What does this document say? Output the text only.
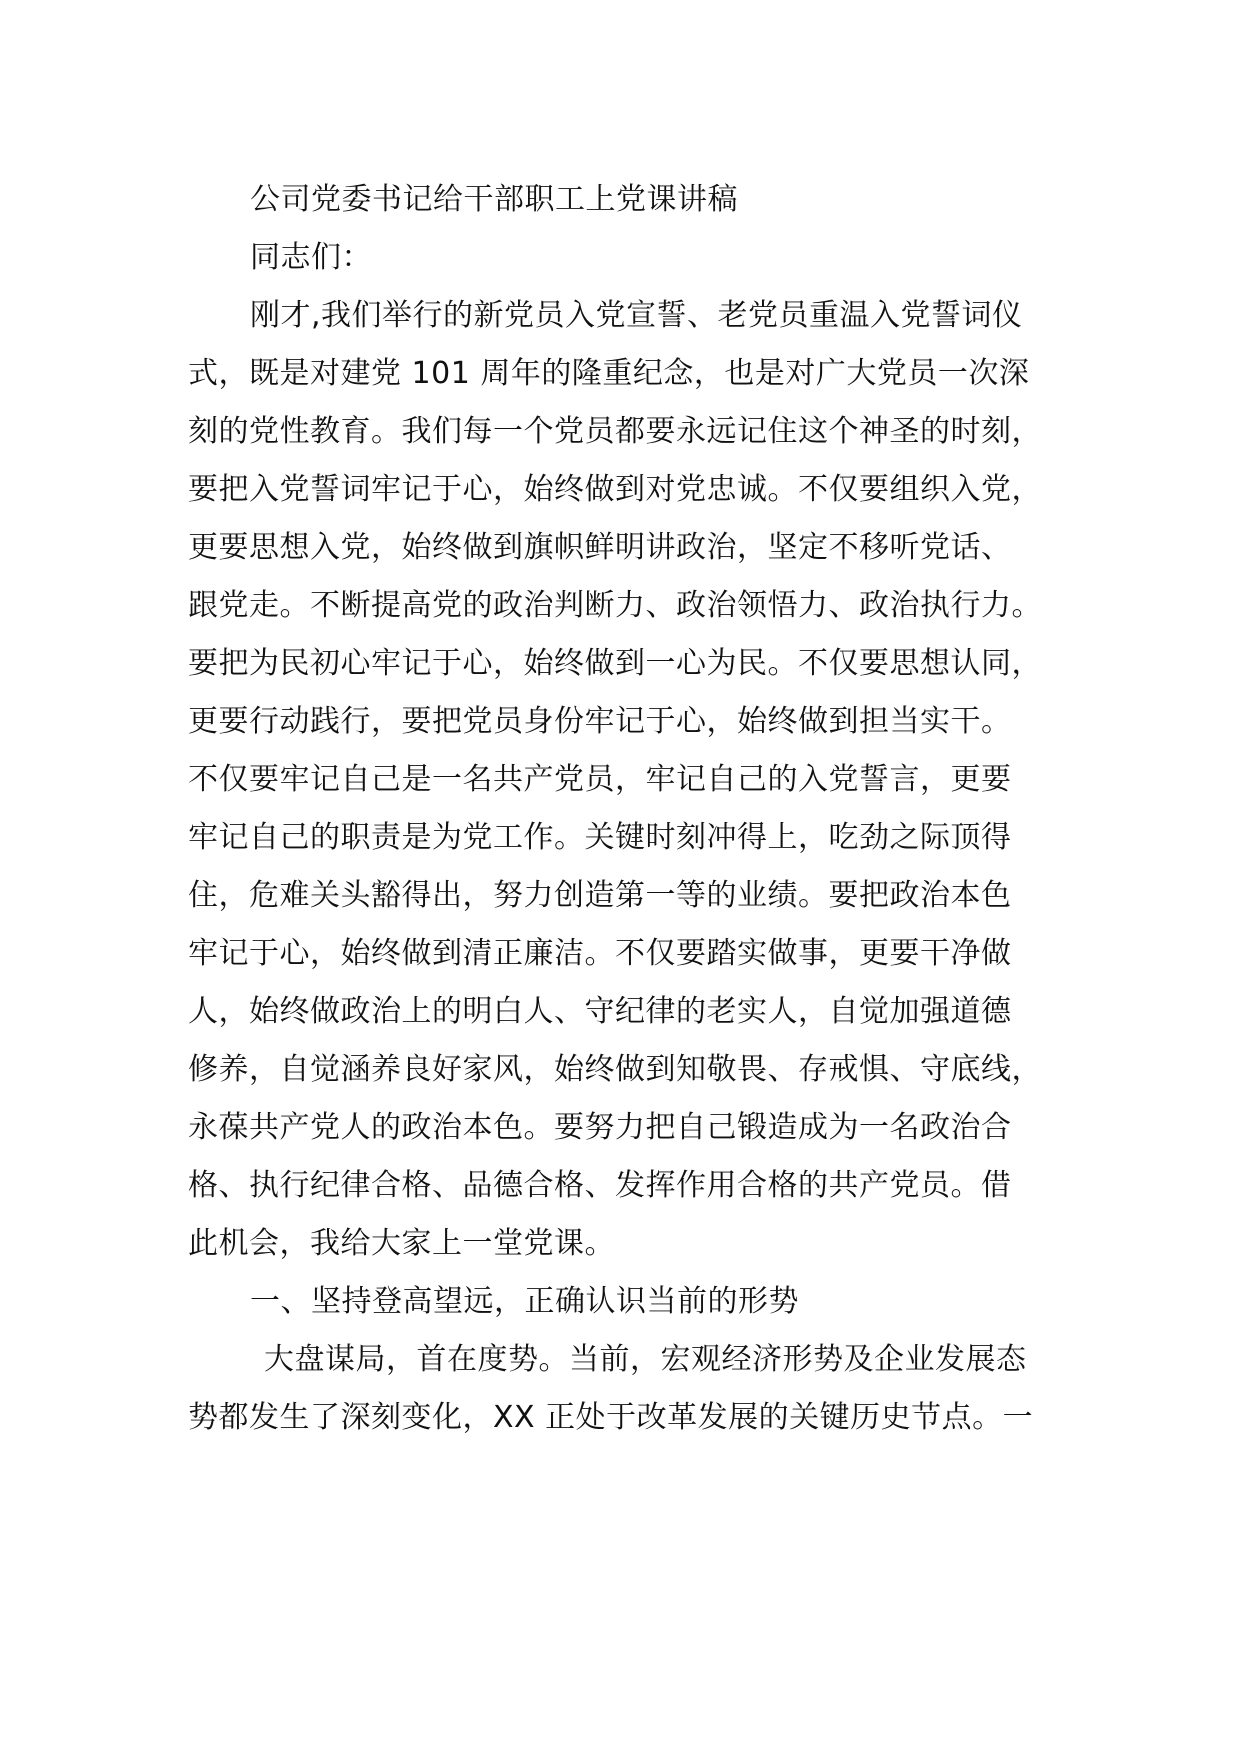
公司党委书记给干部职工上党课讲稿
同志们：
刚才,我们举行的新党员入党宣誓、老党员重温入党誓词仪
式，既是对建党 101 周年的隆重纪念，也是对广大党员一次深
刻的党性教育。我们每一个党员都要永远记住这个神圣的时刻，
要把入党誓词牢记于心，始终做到对党忠诚。不仅要组织入党，
更要思想入党，始终做到旗帜鲜明讲政治，坚定不移听党话、
跟党走。不断提高党的政治判断力、政治领悟力、政治执行力。
要把为民初心牢记于心，始终做到一心为民。不仅要思想认同，
更要行动践行，要把党员身份牢记于心，始终做到担当实干。
不仅要牢记自己是一名共产党员，牢记自己的入党誓言，更要
牢记自己的职责是为党工作。关键时刻冲得上，吃劲之际顶得
住，危难关头豁得出，努力创造第一等的业绩。要把政治本色
牢记于心，始终做到清正廉洁。不仅要踏实做事，更要干净做
人，始终做政治上的明白人、守纪律的老实人，自觉加强道德
修养，自觉涵养良好家风，始终做到知敬畏、存戒惧、守底线，
永葆共产党人的政治本色。要努力把自己锻造成为一名政治合
格、执行纪律合格、品德合格、发挥作用合格的共产党员。借
此机会，我给大家上一堂党课。
一、坚持登高望远，正确认识当前的形势
大盘谋局，首在度势。当前，宏观经济形势及企业发展态
势都发生了深刻变化，XX 正处于改革发展的关键历史节点。一
